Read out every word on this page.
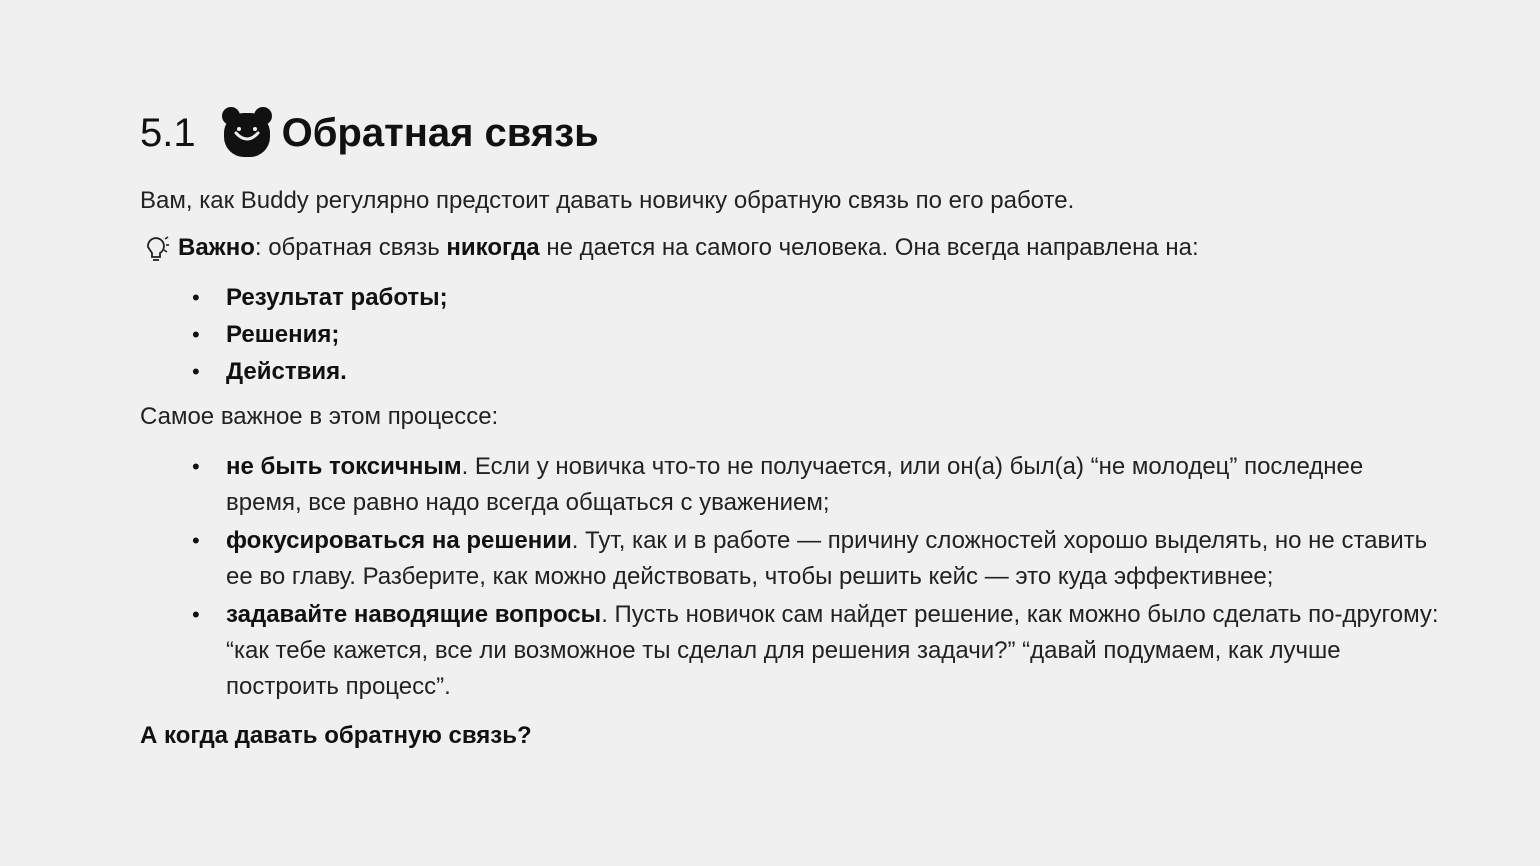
5.1 Обратная связь
Вам, как Buddy регулярно предстоит давать новичку обратную связь по его работе.
Важно: обратная связь никогда не дается на самого человека. Она всегда направлена на:
• Результат работы;
• Решения;
• Действия.
Самое важное в этом процессе:
• не быть токсичным. Если у новичка что-то не получается, или он(а) был(а) “не молодец” последнее время, все равно надо всегда общаться с уважением;
• фокусироваться на решении. Тут, как и в работе — причину сложностей хорошо выделять, но не ставить ее во главу. Разберите, как можно действовать, чтобы решить кейс — это куда эффективнее;
• задавайте наводящие вопросы. Пусть новичок сам найдет решение, как можно было сделать по-другому: “как тебе кажется, все ли возможное ты сделал для решения задачи?” “давай подумаем, как лучше построить процесс”.
А когда давать обратную связь?
